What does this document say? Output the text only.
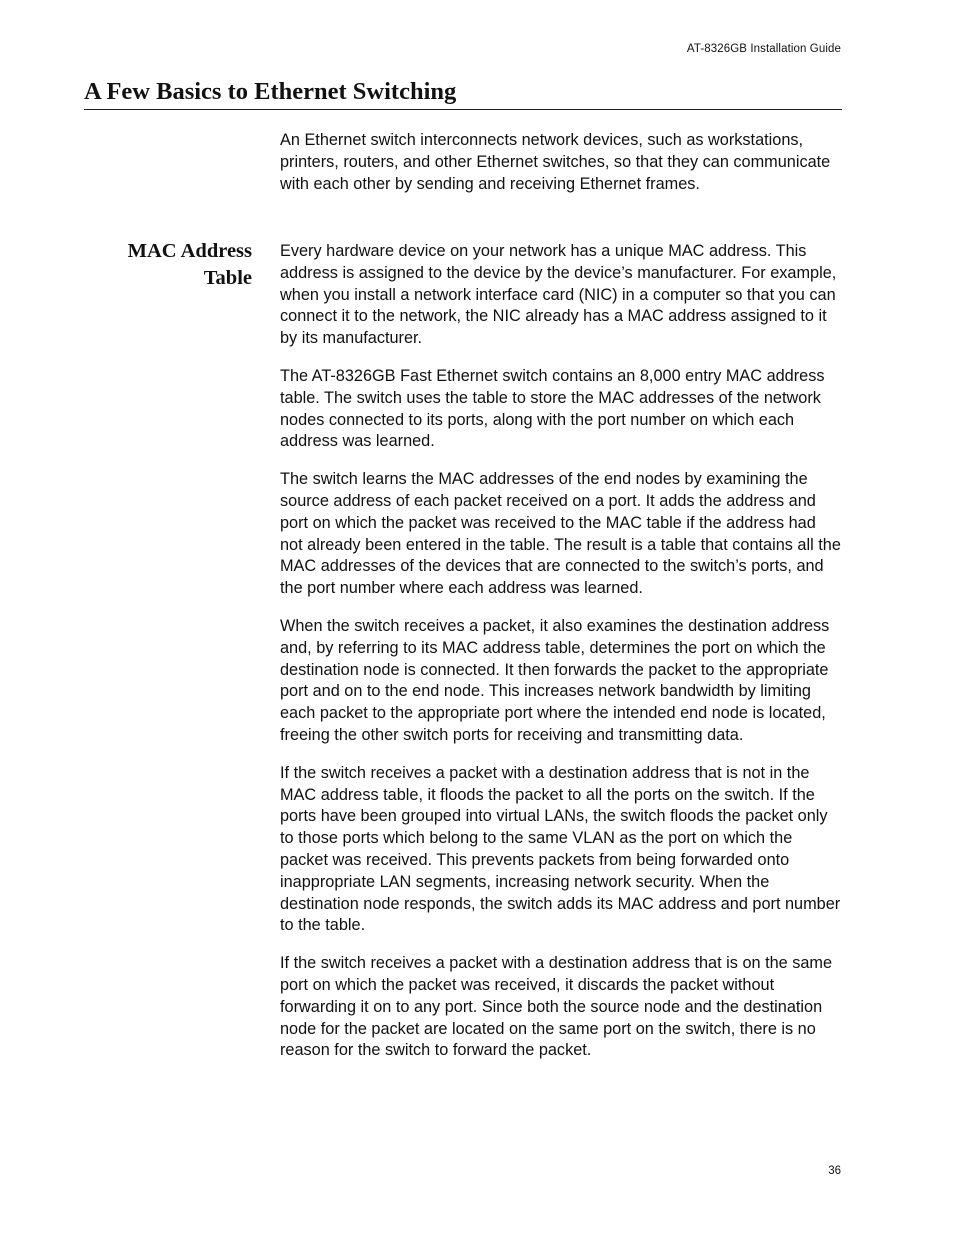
AT-8326GB Installation Guide
A Few Basics to Ethernet Switching

An Ethernet switch interconnects network devices, such as workstations, printers, routers, and other Ethernet switches, so that they can communicate with each other by sending and receiving Ethernet frames.

MAC Address
Table

Every hardware device on your network has a unique MAC address. This address is assigned to the device by the device’s manufacturer. For example, when you install a network interface card (NIC) in a computer so that you can connect it to the network, the NIC already has a MAC address assigned to it by its manufacturer.

The AT-8326GB Fast Ethernet switch contains an 8,000 entry MAC address table. The switch uses the table to store the MAC addresses of the network nodes connected to its ports, along with the port number on which each address was learned.

The switch learns the MAC addresses of the end nodes by examining the source address of each packet received on a port. It adds the address and port on which the packet was received to the MAC table if the address had not already been entered in the table. The result is a table that contains all the MAC addresses of the devices that are connected to the switch’s ports, and the port number where each address was learned.

When the switch receives a packet, it also examines the destination address and, by referring to its MAC address table, determines the port on which the destination node is connected. It then forwards the packet to the appropriate port and on to the end node. This increases network bandwidth by limiting each packet to the appropriate port where the intended end node is located, freeing the other switch ports for receiving and transmitting data.

If the switch receives a packet with a destination address that is not in the MAC address table, it floods the packet to all the ports on the switch. If the ports have been grouped into virtual LANs, the switch floods the packet only to those ports which belong to the same VLAN as the port on which the packet was received. This prevents packets from being forwarded onto inappropriate LAN segments, increasing network security. When the destination node responds, the switch adds its MAC address and port number to the table.

If the switch receives a packet with a destination address that is on the same port on which the packet was received, it discards the packet without forwarding it on to any port. Since both the source node and the destination node for the packet are located on the same port on the switch, there is no reason for the switch to forward the packet.

36
